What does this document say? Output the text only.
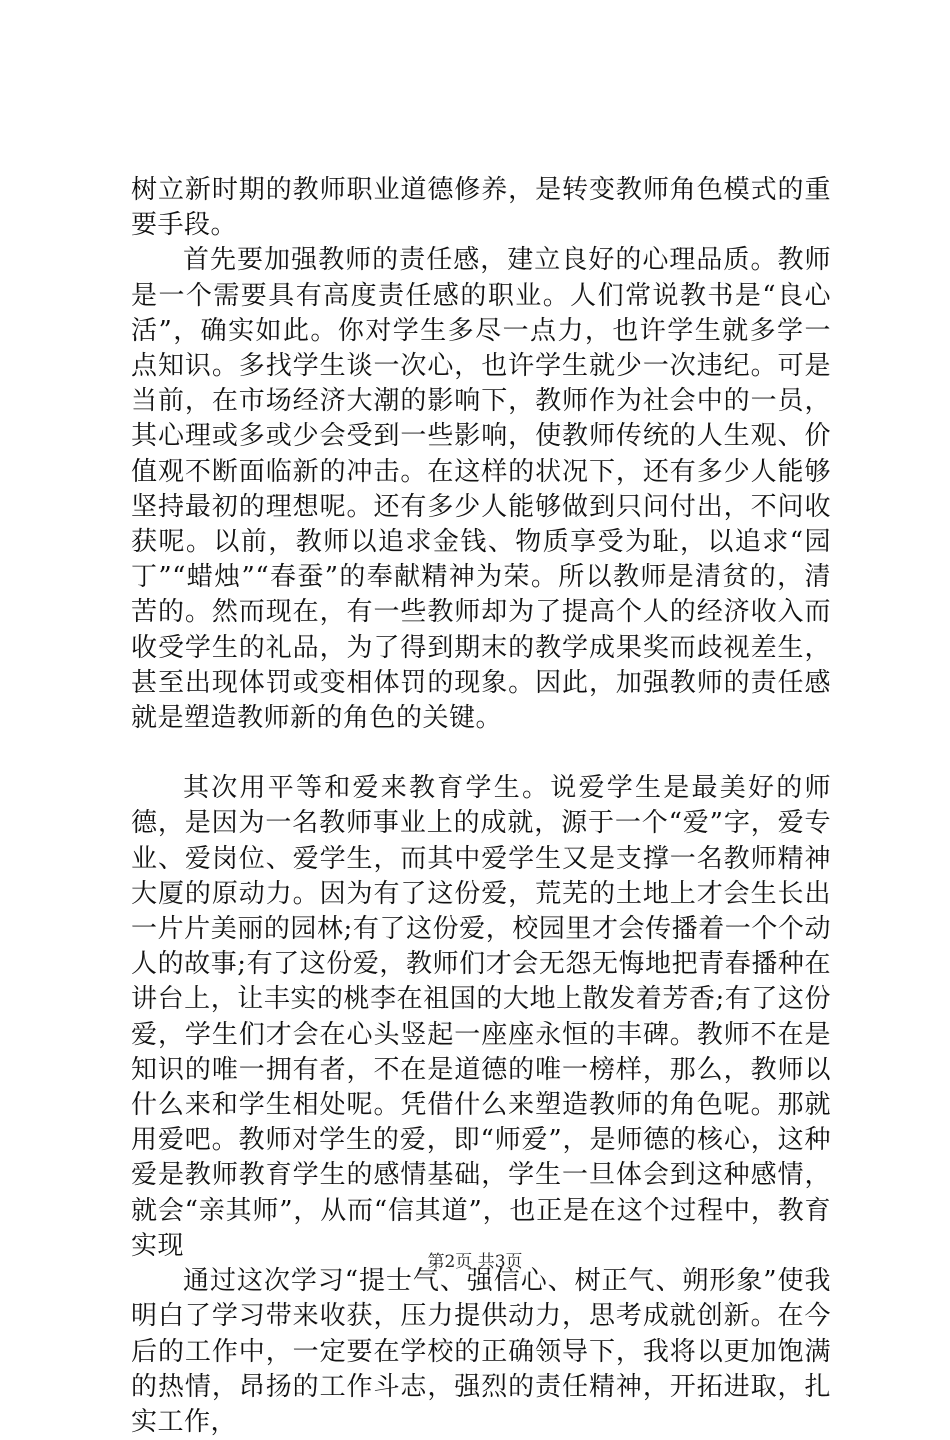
树立新时期的教师职业道德修养，是转变教师角色模式的重要手段。

首先要加强教师的责任感，建立良好的心理品质。教师是一个需要具有高度责任感的职业。人们常说教书是“良心活”，确实如此。你对学生多尽一点力，也许学生就多学一点知识。多找学生谈一次心，也许学生就少一次违纪。可是当前，在市场经济大潮的影响下，教师作为社会中的一员，其心理或多或少会受到一些影响，使教师传统的人生观、价值观不断面临新的冲击。在这样的状况下，还有多少人能够坚持最初的理想呢。还有多少人能够做到只问付出，不问收获呢。以前，教师以追求金钱、物质享受为耻，以追求“园丁”“蜡烛”“春蚕”的奉献精神为荣。所以教师是清贫的，清苦的。然而现在，有一些教师却为了提高个人的经济收入而收受学生的礼品，为了得到期末的教学成果奖而歧视差生，甚至出现体罚或变相体罚的现象。因此，加强教师的责任感就是塑造教师新的角色的关键。

其次用平等和爱来教育学生。说爱学生是最美好的师德，是因为一名教师事业上的成就，源于一个“爱”字，爱专业、爱岗位、爱学生，而其中爱学生又是支撑一名教师精神大厦的原动力。因为有了这份爱，荒芜的土地上才会生长出一片片美丽的园林;有了这份爱，校园里才会传播着一个个动人的故事;有了这份爱，教师们才会无怨无悔地把青春播种在讲台上，让丰实的桃李在祖国的大地上散发着芳香;有了这份爱，学生们才会在心头竖起一座座永恒的丰碑。教师不在是知识的唯一拥有者，不在是道德的唯一榜样，那么，教师以什么来和学生相处呢。凭借什么来塑造教师的角色呢。那就用爱吧。教师对学生的爱，即“师爱”，是师德的核心，这种爱是教师教育学生的感情基础，学生一旦体会到这种感情，就会“亲其师”，从而“信其道”，也正是在这个过程中，教育实现

通过这次学习“提士气、强信心、树正气、朔形象”使我明白了学习带来收获，压力提供动力，思考成就创新。在今后的工作中，一定要在学校的正确领导下，我将以更加饱满的热情，昂扬的工作斗志，强烈的责任精神，开拓进取，扎实工作，

第2页 共3页
